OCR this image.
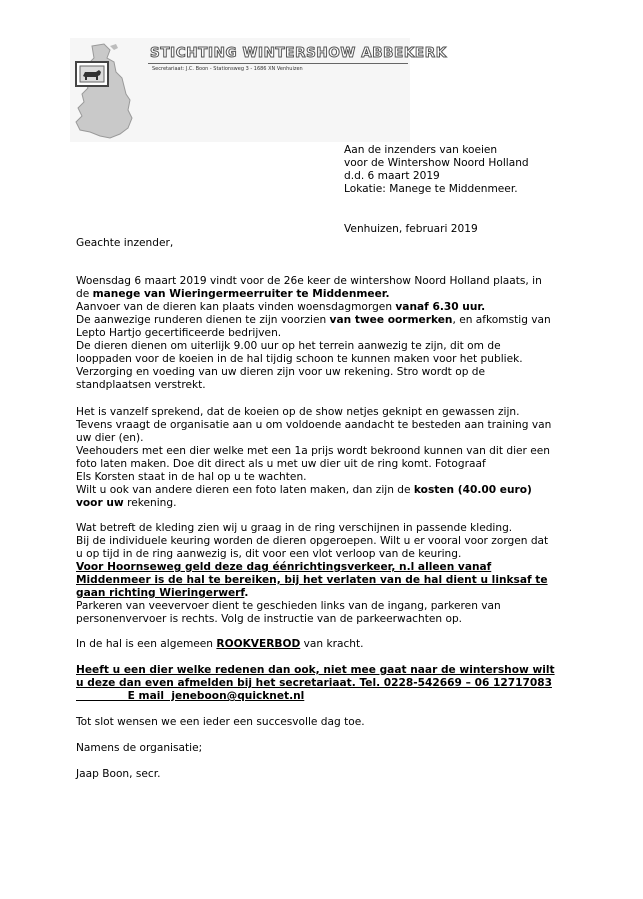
STICHTING WINTERSHOW ABBEKERK
Secretariaat: J.C. Boon - Stationsweg 3 - 1686 XN Venhuizen
Aan de inzenders van koeien
voor de Wintershow Noord Holland
d.d. 6 maart 2019
Lokatie: Manege te Middenmeer.
Venhuizen, februari 2019
Geachte inzender,
Woensdag 6 maart 2019 vindt voor de 26e keer de wintershow Noord Holland plaats, in
de manege van Wieringermeerruiter te Middenmeer.
Aanvoer van de dieren kan plaats vinden woensdagmorgen vanaf 6.30 uur.
De aanwezige runderen dienen te zijn voorzien van twee oormerken, en afkomstig van
Lepto Hartjo gecertificeerde bedrijven.
De dieren dienen om uiterlijk 9.00 uur op het terrein aanwezig te zijn, dit om de
looppaden voor de koeien in de hal tijdig schoon te kunnen maken voor het publiek.
Verzorging en voeding van uw dieren zijn voor uw rekening. Stro wordt op de
standplaatsen verstrekt.
Het is vanzelf sprekend, dat de koeien op de show netjes geknipt en gewassen zijn.
Tevens vraagt de organisatie aan u om voldoende aandacht te besteden aan training van
uw dier (en).
Veehouders met een dier welke met een 1a prijs wordt bekroond kunnen van dit dier een
foto laten maken. Doe dit direct als u met uw dier uit de ring komt. Fotograaf
Els Korsten staat in de hal op u te wachten.
Wilt u ook van andere dieren een foto laten maken, dan zijn de kosten (40.00 euro)
voor uw rekening.
Wat betreft de kleding zien wij u graag in de ring verschijnen in passende kleding.
Bij de individuele keuring worden de dieren opgeroepen. Wilt u er vooral voor zorgen dat
u op tijd in de ring aanwezig is, dit voor een vlot verloop van de keuring.
Voor Hoornseweg geld deze dag éénrichtingsverkeer, n.l alleen vanaf
Middenmeer is de hal te bereiken, bij het verlaten van de hal dient u linksaf te
gaan richting Wieringerwerf.
Parkeren van veevervoer dient te geschieden links van de ingang, parkeren van
personenvervoer is rechts. Volg de instructie van de parkeerwachten op.
In de hal is een algemeen ROOKVERBOD van kracht.
Heeft u een dier welke redenen dan ook, niet mee gaat naar de wintershow wilt
u deze dan even afmelden bij het secretariaat. Tel. 0228-542669 – 06 12717083
E mail  jeneboon@quicknet.nl
Tot slot wensen we een ieder een succesvolle dag toe.
Namens de organisatie;
Jaap Boon, secr.
